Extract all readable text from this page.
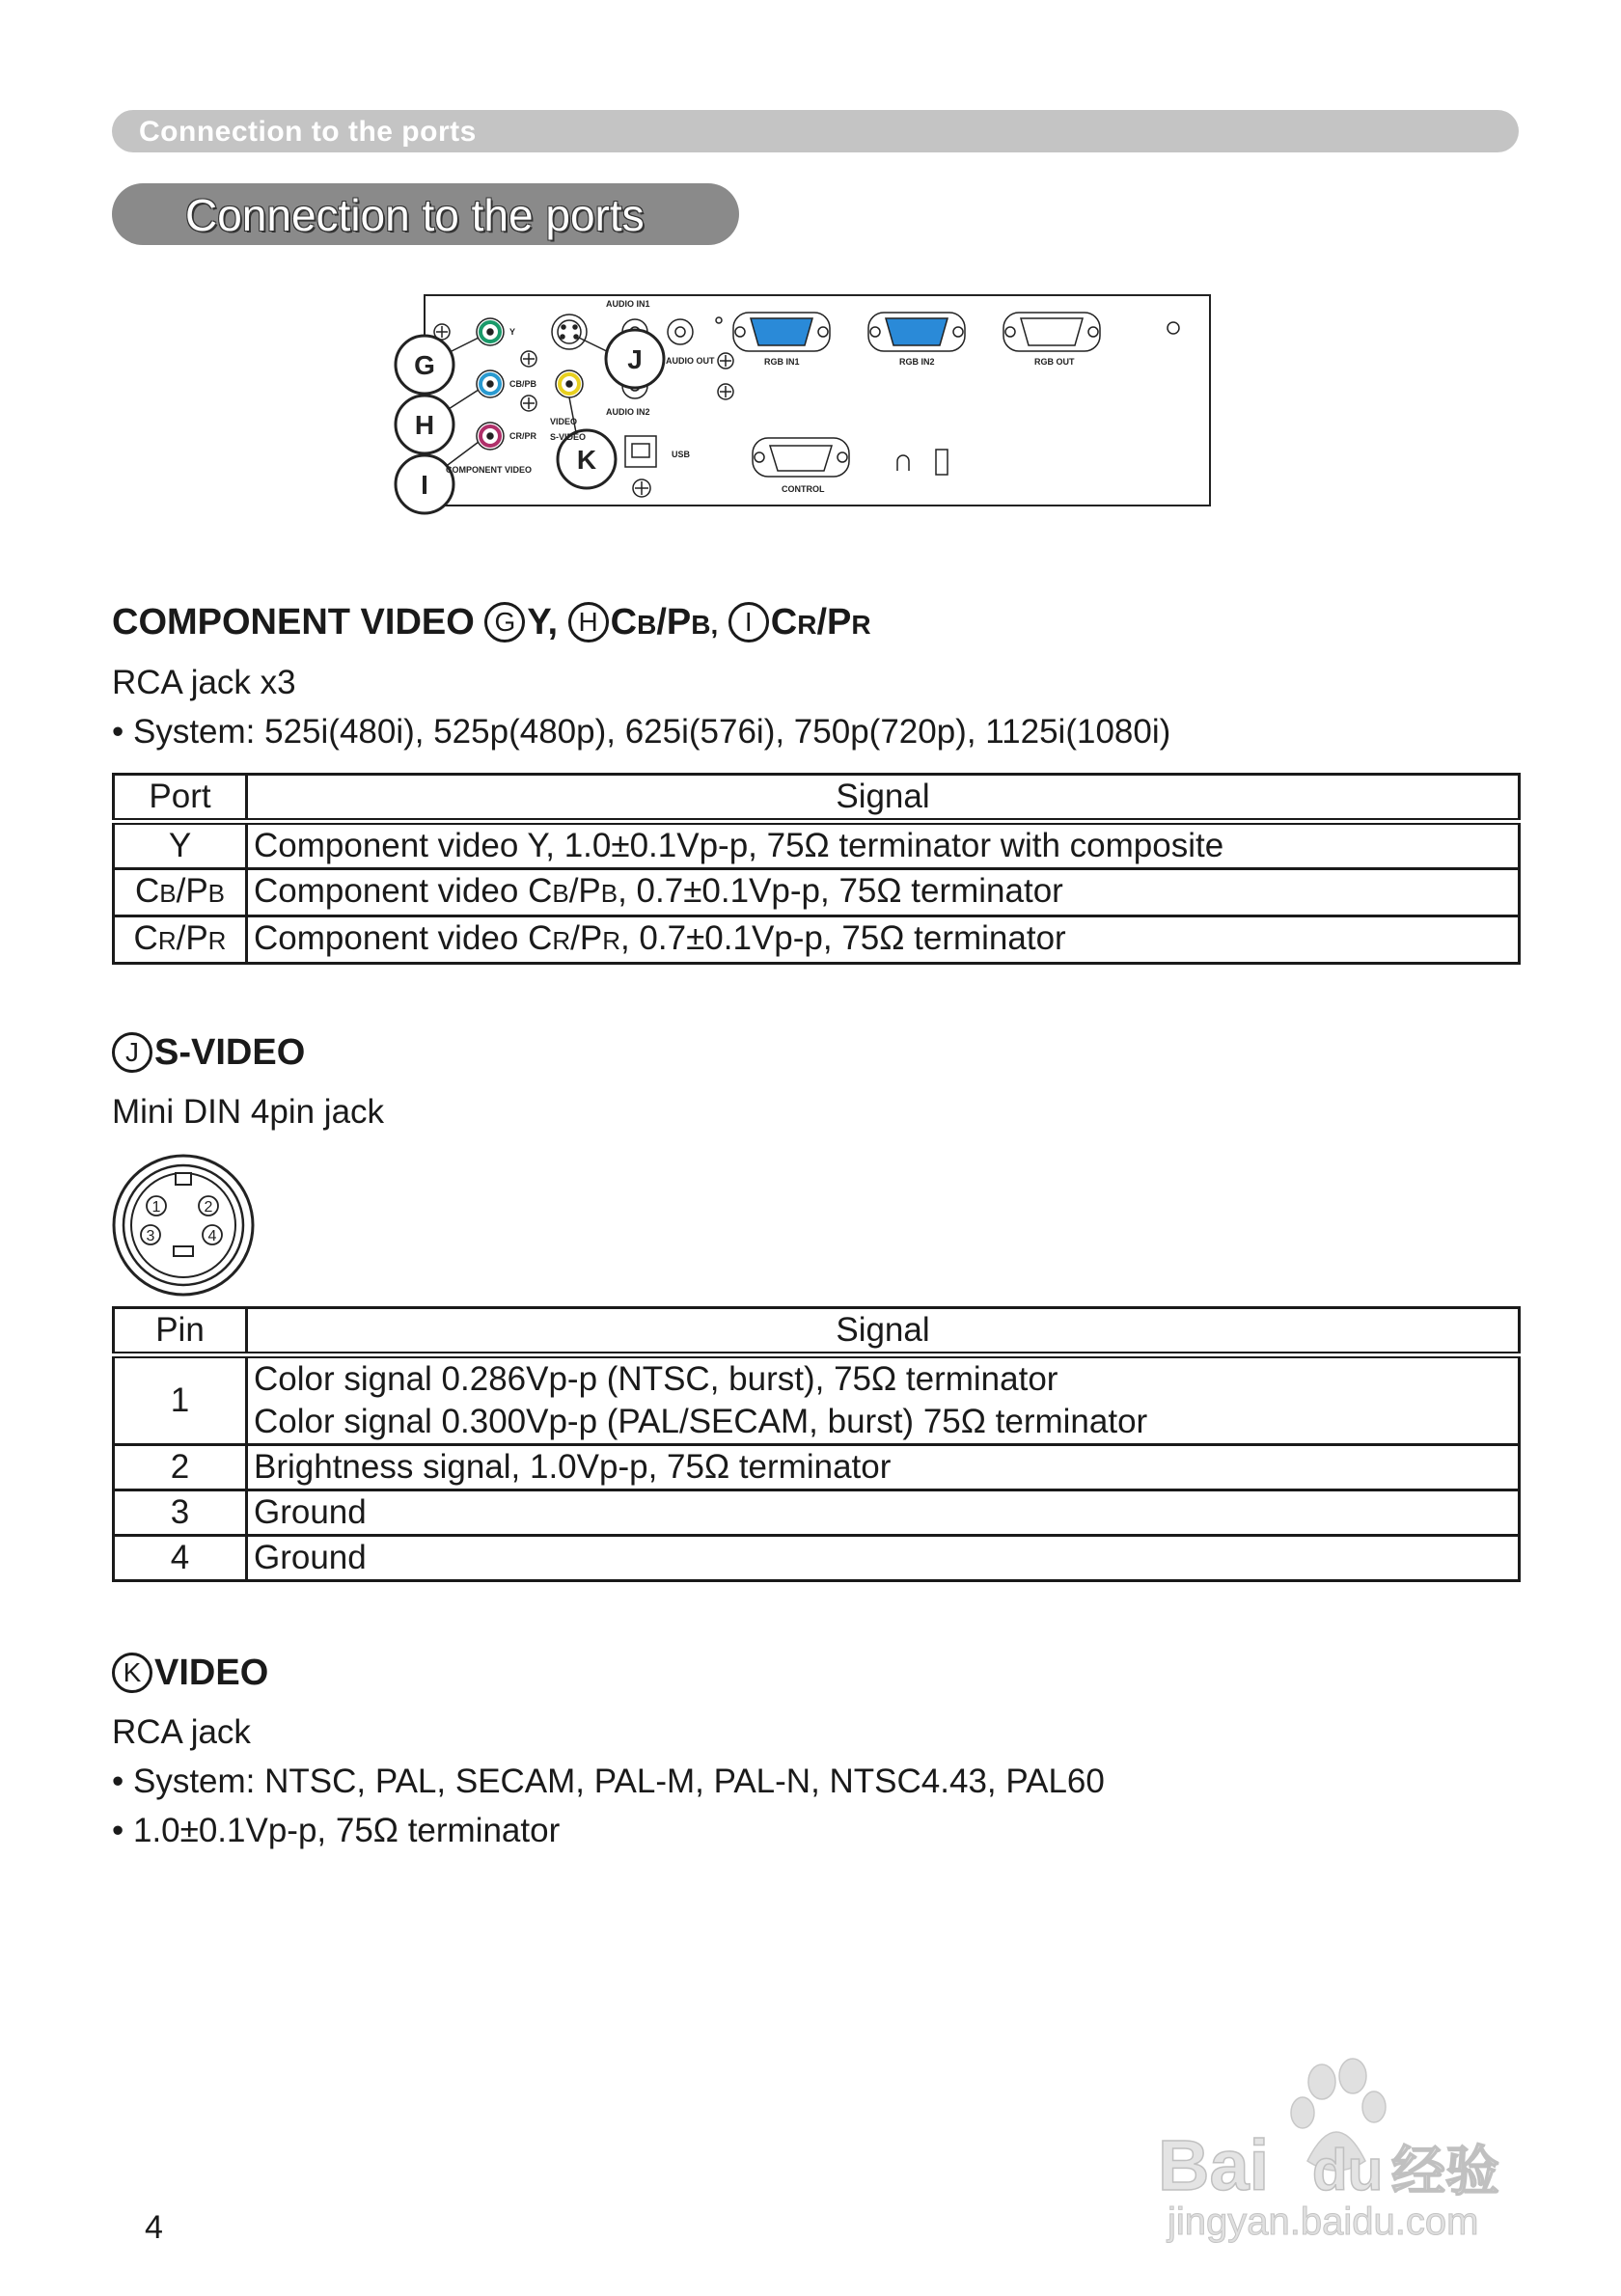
Connection to the ports
Connection to the ports
G
H
I
J
K
Y
CB/PB
CR/PR
COMPONENT VIDEO
AUDIO IN1
AUDIO OUT
AUDIO IN2
VIDEO
S-VIDEO
USB
RGB IN1	RGB IN2	RGB OUT
CONTROL
COMPONENT VIDEO G Y, H CB/PB, I CR/PR
RCA jack x3
• System: 525i(480i), 525p(480p), 625i(576i), 750p(720p), 1125i(1080i)
Port	Signal
Y	Component video Y, 1.0±0.1Vp-p, 75Ω terminator with composite
CB/PB	Component video CB/PB, 0.7±0.1Vp-p, 75Ω terminator
CR/PR	Component video CR/PR, 0.7±0.1Vp-p, 75Ω terminator
J S-VIDEO
Mini DIN 4pin jack
1	2
3	4
Pin	Signal
1	Color signal 0.286Vp-p (NTSC, burst), 75Ω terminator
Color signal 0.300Vp-p (PAL/SECAM, burst) 75Ω terminator

2	Brightness signal, 1.0Vp-p, 75Ω terminator
3	Ground
4	Ground
K VIDEO
RCA jack
• System: NTSC, PAL, SECAM, PAL-M, PAL-N, NTSC4.43, PAL60
• 1.0±0.1Vp-p, 75Ω terminator
4
Bai du 经验
jingyan.baidu.com
